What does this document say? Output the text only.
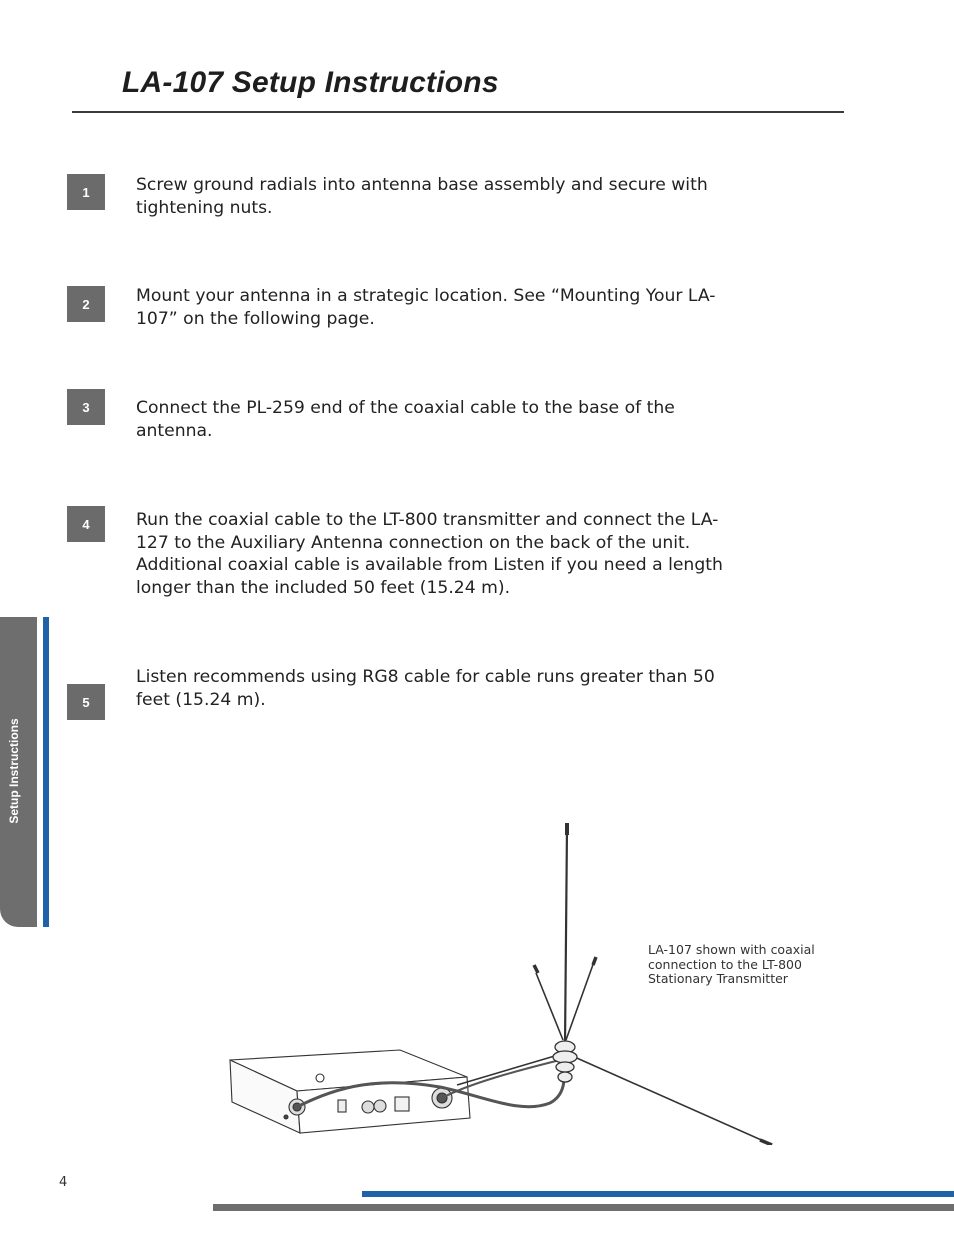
LA-107 Setup Instructions
1	Screw ground radials into antenna base assembly and secure with tightening nuts.
2	Mount your antenna in a strategic location. See “Mounting Your LA-107” on the following page.
3	Connect the PL-259 end of the coaxial cable to the base of the antenna.
4	Run the coaxial cable to the LT-800 transmitter and connect the LA-127 to the Auxiliary Antenna connection on the back of the unit. Additional coaxial cable is available from Listen if you need a length longer than the included 50 feet (15.24 m).
5
Listen recommends using RG8 cable for cable runs greater than 50 feet (15.24 m).
Setup Instructions
LA-107 shown with coaxial connection to the LT-800 Stationary Transmitter
4
